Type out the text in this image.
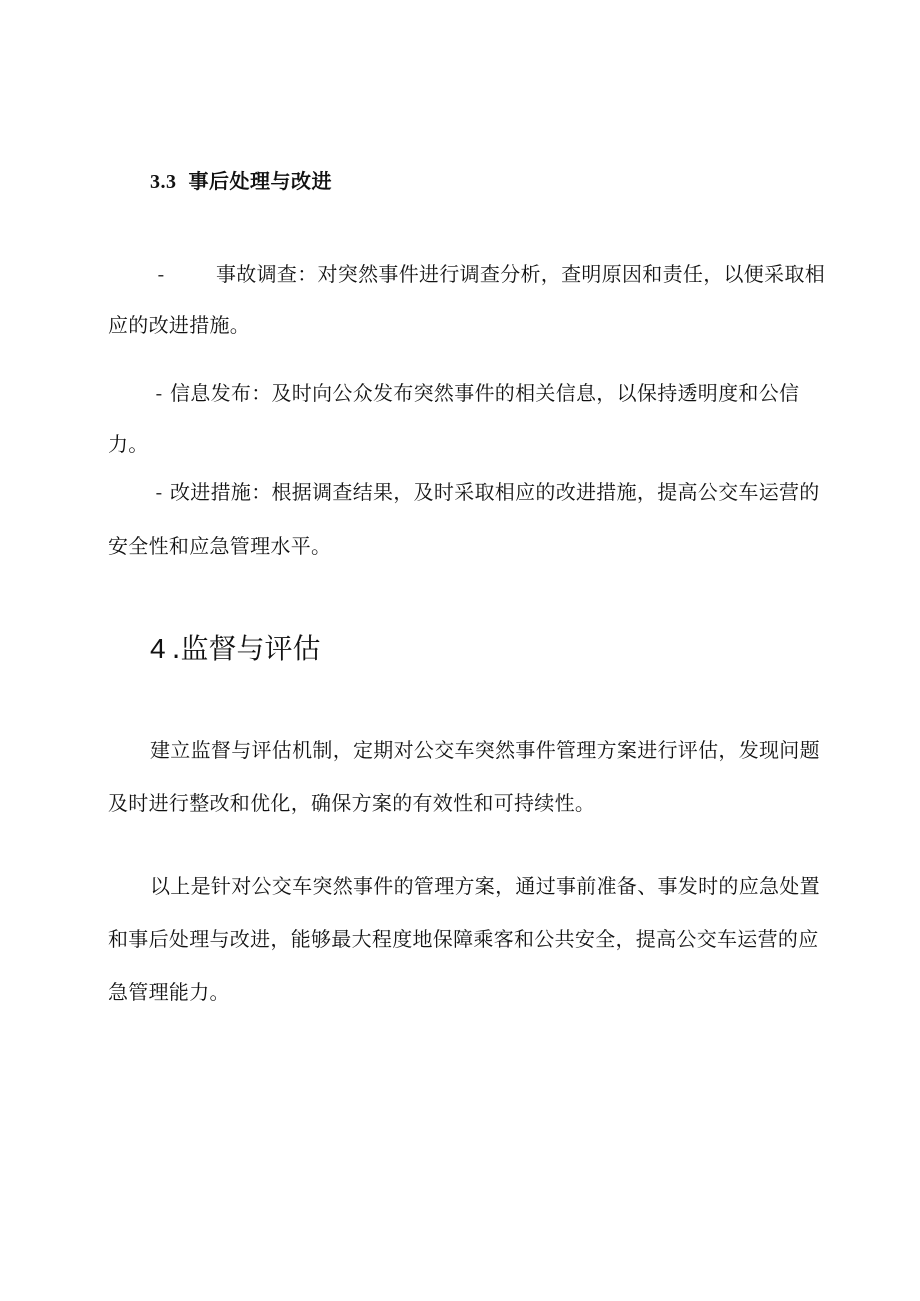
3.3 事后处理与改进
-	事故调查：对突然事件进行调查分析，查明原因和责任，以便采取相应的改进措施。
- 信息发布：及时向公众发布突然事件的相关信息，以保持透明度和公信力。
- 改进措施：根据调查结果，及时采取相应的改进措施，提高公交车运营的安全性和应急管理水平。
4 .监督与评估
建立监督与评估机制，定期对公交车突然事件管理方案进行评估，发现问题及时进行整改和优化，确保方案的有效性和可持续性。
以上是针对公交车突然事件的管理方案，通过事前准备、事发时的应急处置和事后处理与改进，能够最大程度地保障乘客和公共安全，提高公交车运营的应急管理能力。
